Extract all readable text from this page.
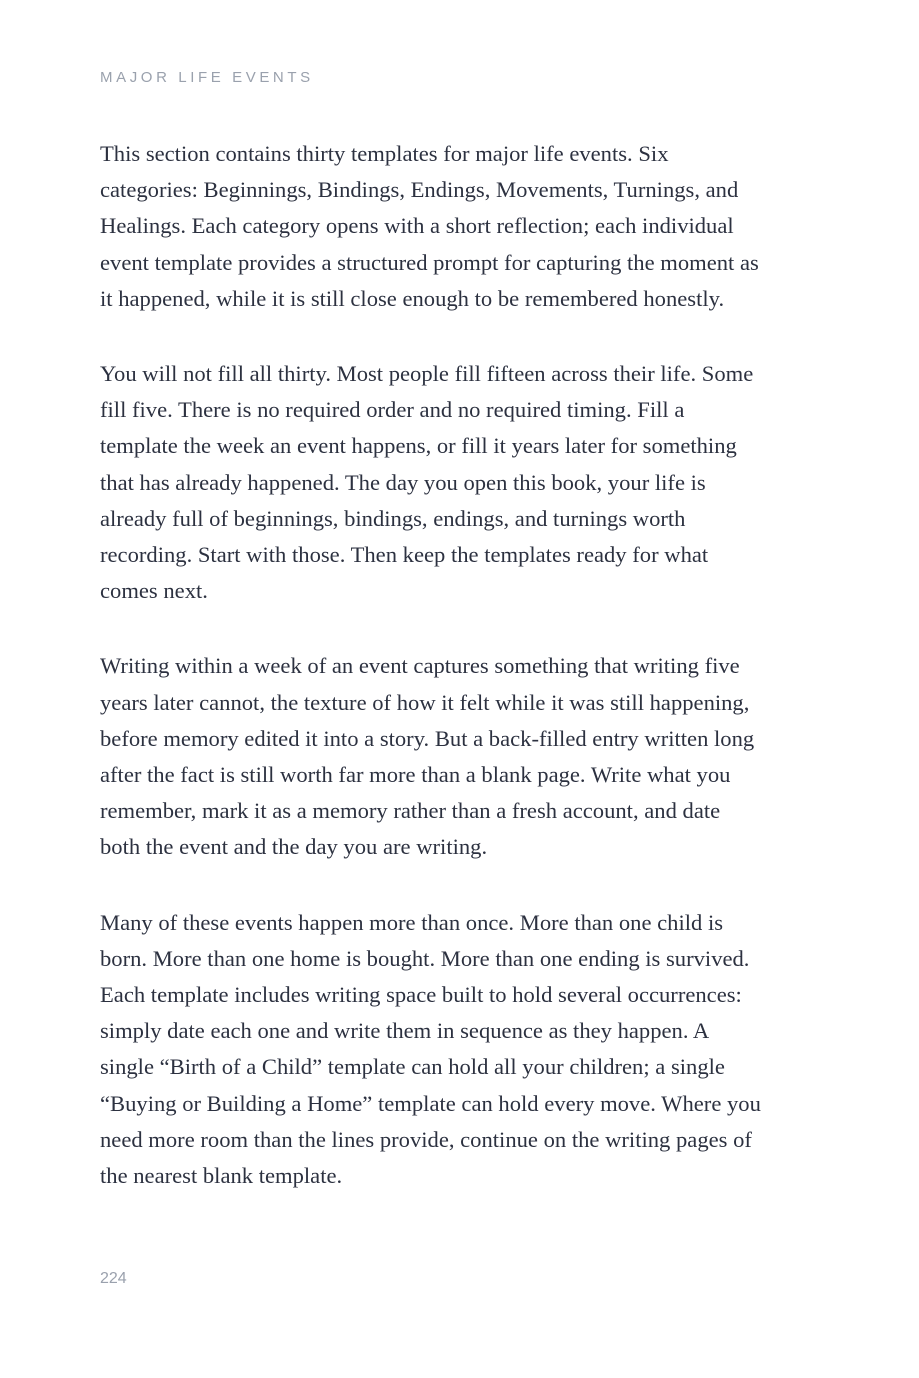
MAJOR LIFE EVENTS

This section contains thirty templates for major life events. Six
categories: Beginnings, Bindings, Endings, Movements, Turnings, and
Healings. Each category opens with a short reflection; each individual
event template provides a structured prompt for capturing the moment as
it happened, while it is still close enough to be remembered honestly.

You will not fill all thirty. Most people fill fifteen across their life. Some
fill five. There is no required order and no required timing. Fill a
template the week an event happens, or fill it years later for something
that has already happened. The day you open this book, your life is
already full of beginnings, bindings, endings, and turnings worth
recording. Start with those. Then keep the templates ready for what
comes next.

Writing within a week of an event captures something that writing five
years later cannot, the texture of how it felt while it was still happening,
before memory edited it into a story. But a back-filled entry written long
after the fact is still worth far more than a blank page. Write what you
remember, mark it as a memory rather than a fresh account, and date
both the event and the day you are writing.

Many of these events happen more than once. More than one child is
born. More than one home is bought. More than one ending is survived.
Each template includes writing space built to hold several occurrences:
simply date each one and write them in sequence as they happen. A
single “Birth of a Child” template can hold all your children; a single
“Buying or Building a Home” template can hold every move. Where you
need more room than the lines provide, continue on the writing pages of
the nearest blank template.

224
